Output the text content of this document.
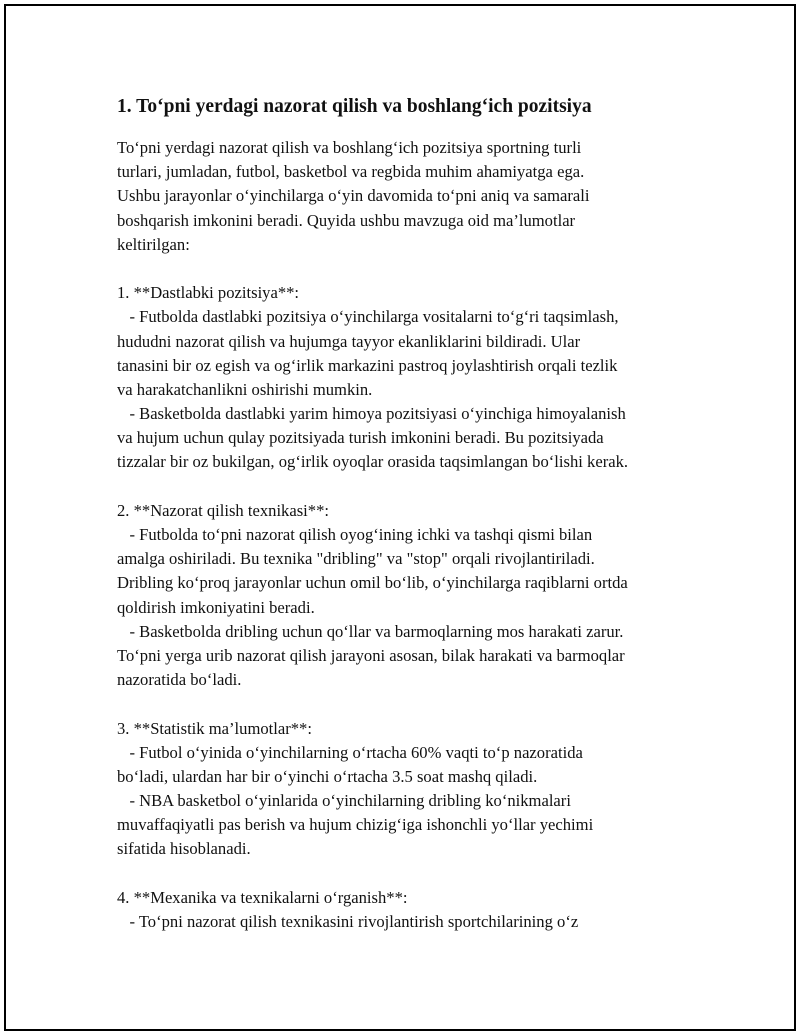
1. To‘pni yerdagi nazorat qilish va boshlang‘ich pozitsiya
To‘pni yerdagi nazorat qilish va boshlang‘ich pozitsiya sportning turli
turlari, jumladan, futbol, basketbol va regbida muhim ahamiyatga ega.
Ushbu jarayonlar o‘yinchilarga o‘yin davomida to‘pni aniq va samarali
boshqarish imkonini beradi. Quyida ushbu mavzuga oid ma’lumotlar
keltirilgan:
1. **Dastlabki pozitsiya**:
- Futbolda dastlabki pozitsiya o‘yinchilarga vositalarni to‘g‘ri taqsimlash,
hududni nazorat qilish va hujumga tayyor ekanliklarini bildiradi. Ular
tanasini bir oz egish va og‘irlik markazini pastroq joylashtirish orqali tezlik
va harakatchanlikni oshirishi mumkin.
- Basketbolda dastlabki yarim himoya pozitsiyasi o‘yinchiga himoyalanish
va hujum uchun qulay pozitsiyada turish imkonini beradi. Bu pozitsiyada
tizzalar bir oz bukilgan, og‘irlik oyoqlar orasida taqsimlangan bo‘lishi kerak.
2. **Nazorat qilish texnikasi**:
- Futbolda to‘pni nazorat qilish oyog‘ining ichki va tashqi qismi bilan
amalga oshiriladi. Bu texnika "dribling" va "stop" orqali rivojlantiriladi.
Dribling ko‘proq jarayonlar uchun omil bo‘lib, o‘yinchilarga raqiblarni ortda
qoldirish imkoniyatini beradi.
- Basketbolda dribling uchun qo‘llar va barmoqlarning mos harakati zarur.
To‘pni yerga urib nazorat qilish jarayoni asosan, bilak harakati va barmoqlar
nazoratida bo‘ladi.
3. **Statistik ma’lumotlar**:
- Futbol o‘yinida o‘yinchilarning o‘rtacha 60% vaqti to‘p nazoratida
bo‘ladi, ulardan har bir o‘yinchi o‘rtacha 3.5 soat mashq qiladi.
- NBA basketbol o‘yinlarida o‘yinchilarning dribling ko‘nikmalari
muvaffaqiyatli pas berish va hujum chizig‘iga ishonchli yo‘llar yechimi
sifatida hisoblanadi.
4. **Mexanika va texnikalarni o‘rganish**:
- To‘pni nazorat qilish texnikasini rivojlantirish sportchilarining o‘z
